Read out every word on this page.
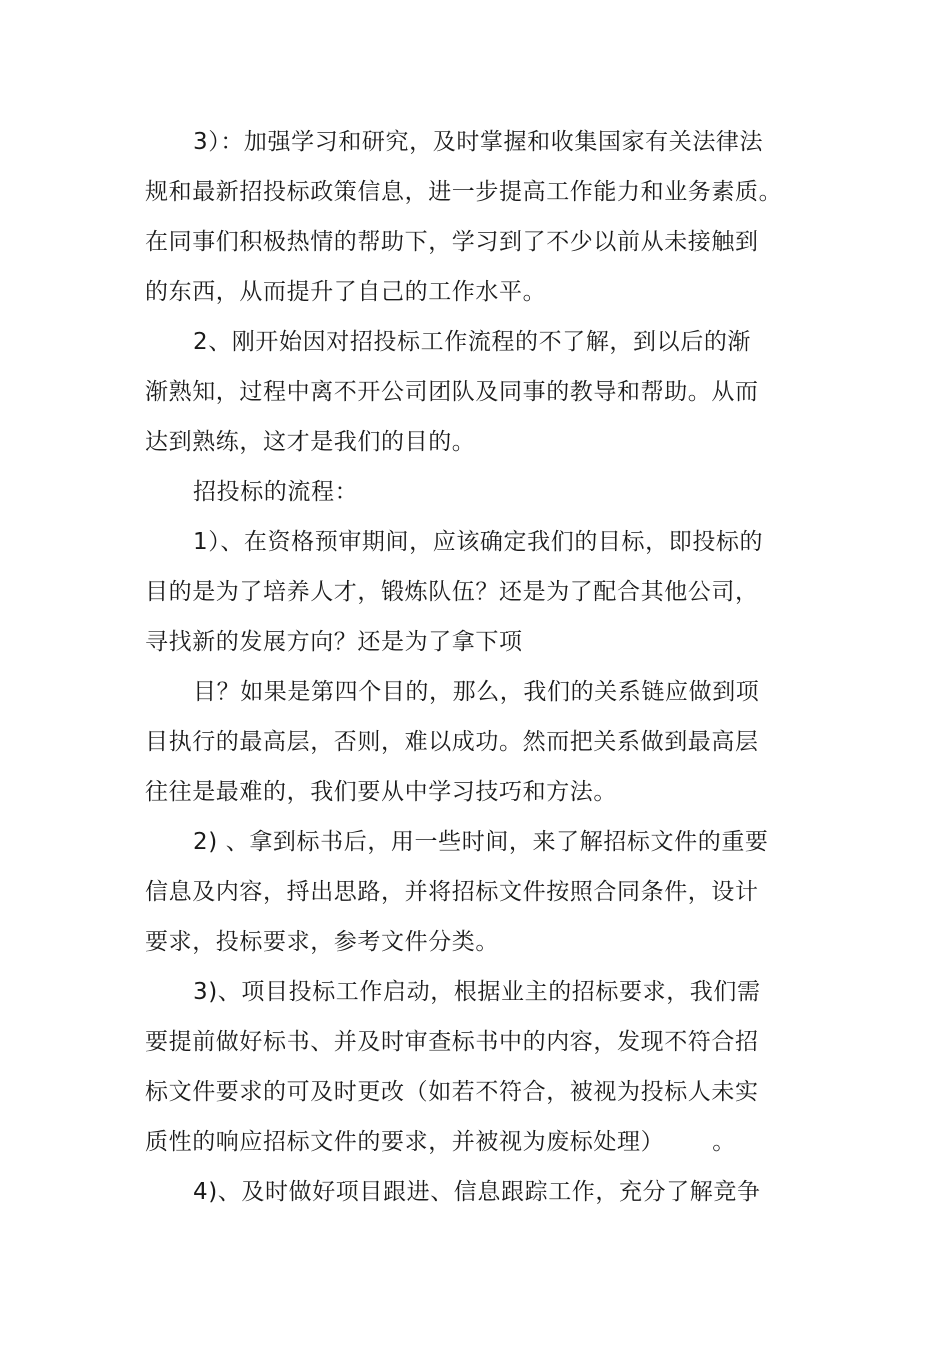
3）：加强学习和研究，及时掌握和收集国家有关法律法
规和最新招投标政策信息，进一步提高工作能力和业务素质。
在同事们积极热情的帮助下，学习到了不少以前从未接触到
的东西，从而提升了自己的工作水平。
2、刚开始因对招投标工作流程的不了解，到以后的渐
渐熟知，过程中离不开公司团队及同事的教导和帮助。从而
达到熟练，这才是我们的目的。
招投标的流程：
1）、在资格预审期间，应该确定我们的目标，即投标的
目的是为了培养人才，锻炼队伍？还是为了配合其他公司，
寻找新的发展方向？还是为了拿下项
目？如果是第四个目的，那么，我们的关系链应做到项
目执行的最高层，否则，难以成功。然而把关系做到最高层
往往是最难的，我们要从中学习技巧和方法。
2) 、拿到标书后，用一些时间，来了解招标文件的重要
信息及内容，捋出思路，并将招标文件按照合同条件，设计
要求，投标要求，参考文件分类。
3)、项目投标工作启动，根据业主的招标要求，我们需
要提前做好标书、并及时审查标书中的内容，发现不符合招
标文件要求的可及时更改（如若不符合，被视为投标人未实
质性的响应招标文件的要求，并被视为废标处理） 。
4)、及时做好项目跟进、信息跟踪工作，充分了解竞争
